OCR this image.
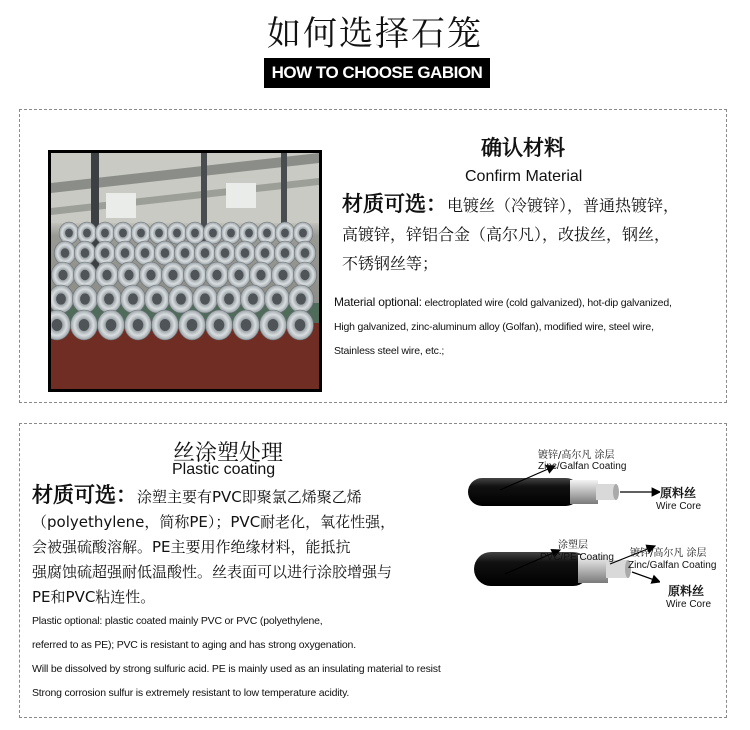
如何选择石笼
HOW TO CHOOSE GABION
确认材料
Confirm Material
材质可选：电镀丝（冷镀锌），普通热镀锌，
高镀锌，锌铝合金（高尔凡），改拔丝，钢丝，
不锈钢丝等；
Material optional: electroplated wire (cold galvanized), hot-dip galvanized,
High galvanized, zinc-aluminum alloy (Golfan), modified wire, steel wire,
Stainless steel wire, etc.;
丝涂塑处理
Plastic coating
材质可选：涂塑主要有PVC即聚氯乙烯聚乙烯
（polyethylene，简称PE）；PVC耐老化，氧花性强，
会被强硫酸溶解。PE主要用作绝缘材料，能抵抗
强腐蚀硫超强耐低温酸性。丝表面可以进行涂胶增强与
PE和PVC粘连性。
Plastic optional: plastic coated mainly PVC or PVC (polyethylene,
referred to as PE); PVC is resistant to aging and has strong oxygenation.
Will be dissolved by strong sulfuric acid. PE is mainly used as an insulating material to resist
Strong corrosion sulfur is extremely resistant to low temperature acidity.
镀锌/高尔凡 涂层
Zinc/Galfan Coating
原料丝
Wire Core
涂塑层
PVC/PE Coating 镀锌/高尔凡 涂层
Zinc/Galfan Coating
原料丝
Wire Core
